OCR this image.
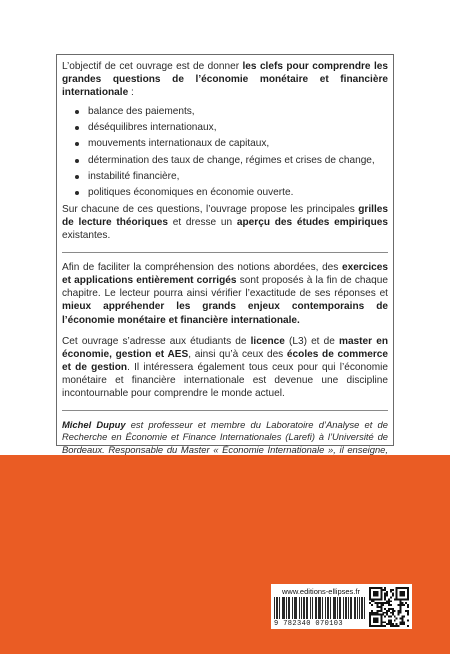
L’objectif de cet ouvrage est de donner les clefs pour comprendre les grandes questions de l’économie monétaire et financière internationale :

balance des paiements,
déséquilibres internationaux,
mouvements internationaux de capitaux,
détermination des taux de change, régimes et crises de change,
instabilité financière,
politiques économiques en économie ouverte.

Sur chacune de ces questions, l’ouvrage propose les principales grilles de lecture théoriques et dresse un aperçu des études empiriques existantes.

Afin de faciliter la compréhension des notions abordées, des exercices et applications entièrement corrigés sont proposés à la fin de chaque chapitre. Le lecteur pourra ainsi vérifier l’exactitude de ses réponses et mieux appréhender les grands enjeux contemporains de l’économie monétaire et financière internationale.

Cet ouvrage s’adresse aux étudiants de licence (L3) et de master en économie, gestion et AES, ainsi qu’à ceux des écoles de commerce et de gestion. Il intéressera également tous ceux pour qui l’économie monétaire et financière internationale est devenue une discipline incontournable pour comprendre le monde actuel.

Michel Dupuy est professeur et membre du Laboratoire d’Analyse et de Recherche en Économie et Finance Internationales (Larefi) à l’Université de Bordeaux. Responsable du Master « Économie Internationale », il enseigne,

www.editions-ellipses.fr
9 782340 070103
